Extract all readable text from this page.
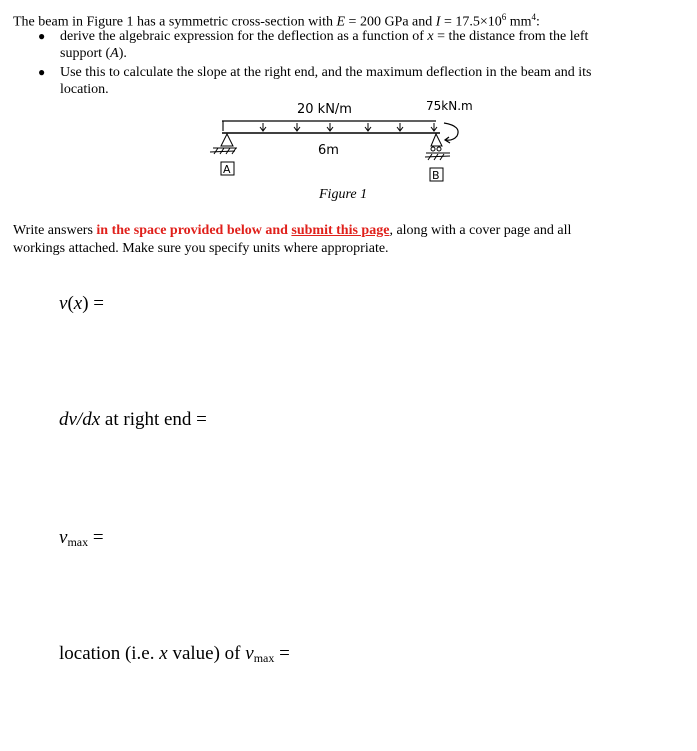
The beam in Figure 1 has a symmetric cross-section with E = 200 GPa and $I = 17.5\times 10^6$ $mm^4$:
● derive the algebraic expression for the deflection as a function of x = the distance from the left
support (A).
● Use this to calculate the slope at the right end, and the maximum deflection in the beam and its
location.
20 kN/m	75kN.m
6m
A	B
Figure 1
Write answers in the space provided below and submit this page, along with a cover page and all
workings attached. Make sure you specify units where appropriate.
v(x) =
dv/dx at right end =
$v_{max}$ =
location (i.e. x value) of $v_{max}$ =
